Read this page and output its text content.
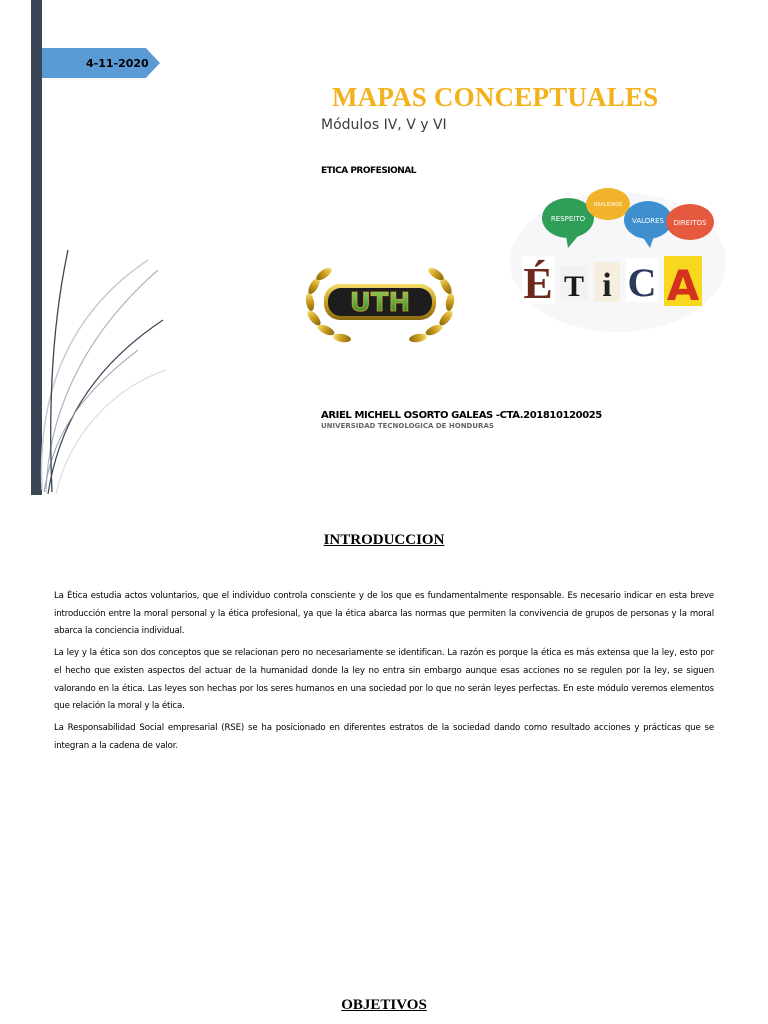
4-11-2020
MAPAS CONCEPTUALES
Módulos IV, V y VI
ETICA PROFESIONAL
UTH
RESPEITO
REALIDADE
VALORES DIREITOS
É T i C A
ARIEL MICHELL OSORTO GALEAS -CTA.201810120025
UNIVERSIDAD TECNOLOGICA DE HONDURAS
INTRODUCCION

La Ética estudia actos voluntarios, que el individuo controla consciente y de los que es fundamentalmente responsable. Es necesario indicar en esta breve introducción entre la moral personal y la ética profesional, ya que la ética abarca las normas que permiten la convivencia de grupos de personas y la moral abarca la conciencia individual.

La ley y la ética son dos conceptos que se relacionan pero no necesariamente se identifican. La razón es porque la ética es más extensa que la ley, esto por el hecho que existen aspectos del actuar de la humanidad donde la ley no entra sin embargo aunque esas acciones no se regulen por la ley, se siguen valorando en la ética. Las leyes son hechas por los seres humanos en una sociedad por lo que no serán leyes perfectas. En este módulo veremos elementos que relación la moral y la ética.

La Responsabilidad Social empresarial (RSE) se ha posicionado en diferentes estratos de la sociedad dando como resultado acciones y prácticas que se integran a la cadena de valor.

OBJETIVOS
